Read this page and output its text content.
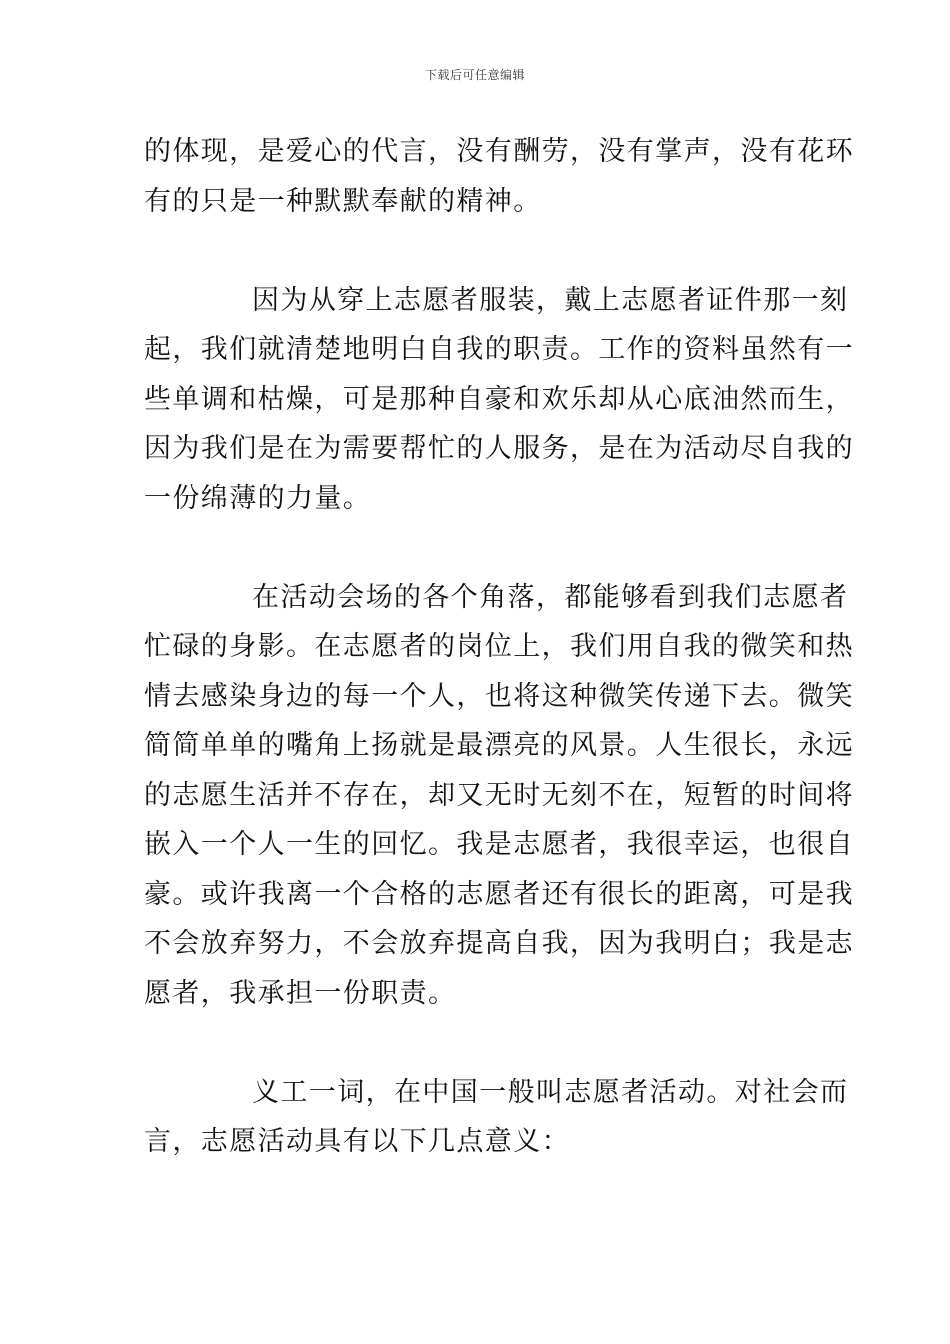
下载后可任意编辑
的体现，是爱心的代言，没有酬劳，没有掌声，没有花环
有的只是一种默默奉献的精神。
因为从穿上志愿者服装，戴上志愿者证件那一刻
起，我们就清楚地明白自我的职责。工作的资料虽然有一
些单调和枯燥，可是那种自豪和欢乐却从心底油然而生，
因为我们是在为需要帮忙的人服务，是在为活动尽自我的
一份绵薄的力量。
在活动会场的各个角落，都能够看到我们志愿者
忙碌的身影。在志愿者的岗位上，我们用自我的微笑和热
情去感染身边的每一个人，也将这种微笑传递下去。微笑
简简单单的嘴角上扬就是最漂亮的风景。人生很长，永远
的志愿生活并不存在，却又无时无刻不在，短暂的时间将
嵌入一个人一生的回忆。我是志愿者，我很幸运，也很自
豪。或许我离一个合格的志愿者还有很长的距离，可是我
不会放弃努力，不会放弃提高自我，因为我明白；我是志
愿者，我承担一份职责。
义工一词，在中国一般叫志愿者活动。对社会而
言，志愿活动具有以下几点意义：
